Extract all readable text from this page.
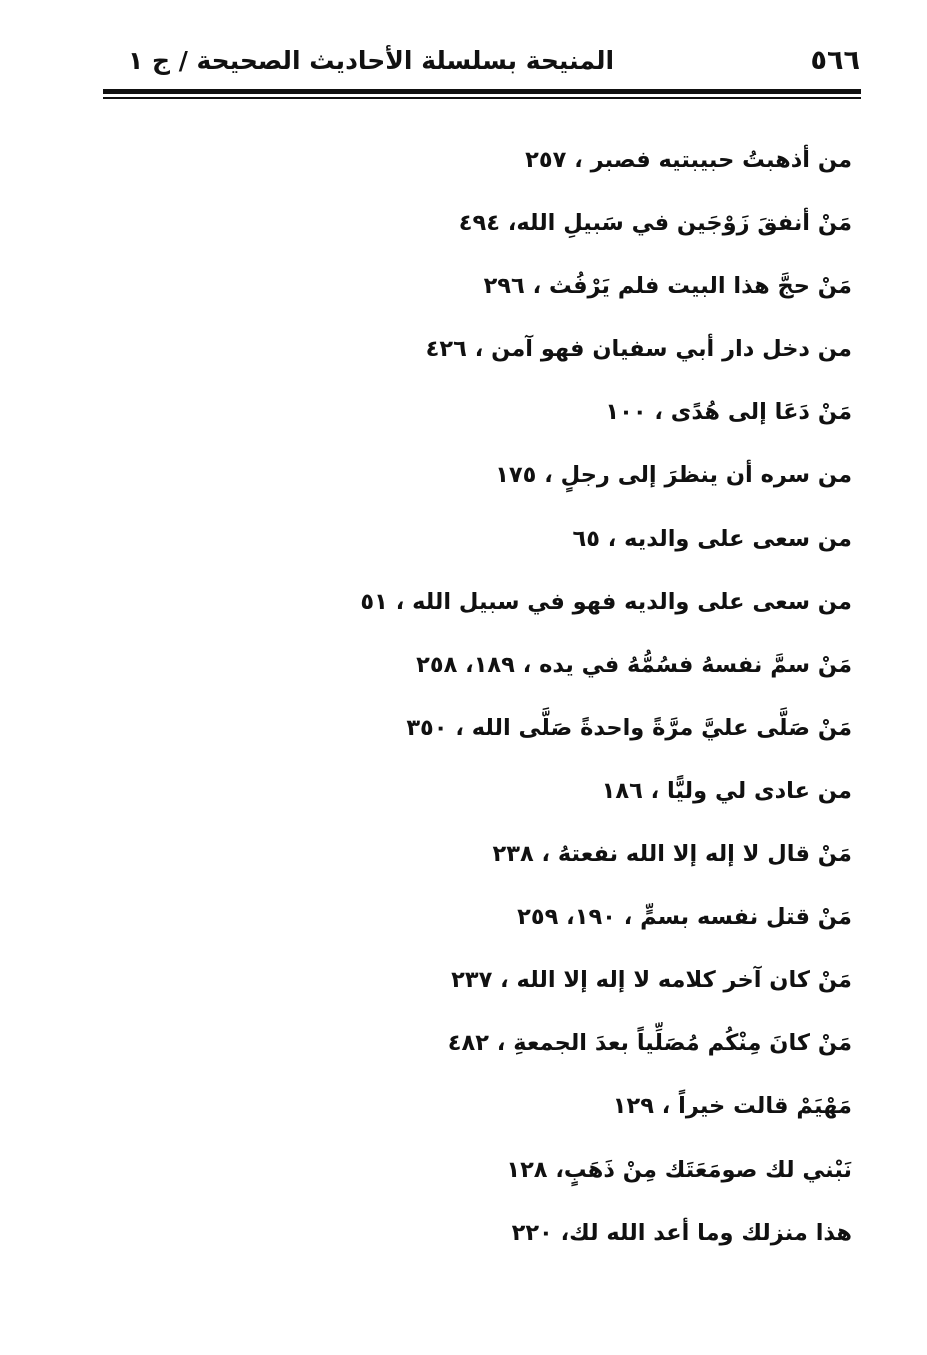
٥٦٦
المنيحة بسلسلة الأحاديث الصحيحة / ج ١
من أذهبتُ حبيبتيه فصبر ، ٢٥٧
مَنْ أنفقَ زَوْجَين في سَبيلِ الله، ٤٩٤
مَنْ حجَّ هذا البيت فلم يَرْفُث ، ٢٩٦
من دخل دار أبي سفيان فهو آمن ، ٤٢٦
مَنْ دَعَا إلى هُدًى ، ١٠٠
من سره أن ينظرَ إلى رجلٍ ، ١٧٥
من سعى على والديه ، ٦٥
من سعى على والديه فهو في سبيل الله ، ٥١
مَنْ سمَّ نفسهُ فسُمُّهُ في يده ، ١٨٩، ٢٥٨
مَنْ صَلَّى عليَّ مرَّةً واحدةً صَلَّى الله ، ٣٥٠
من عادى لي وليًّا ، ١٨٦
مَنْ قال لا إله إلا الله نفعتهُ ، ٢٣٨
مَنْ قتل نفسه بسمٍّ ، ١٩٠، ٢٥٩
مَنْ كان آخر كلامه لا إله إلا الله ، ٢٣٧
مَنْ كانَ مِنْكُم مُصَلِّياً بعدَ الجمعةِ ، ٤٨٢
مَهْيَمْ قالت خيراً ، ١٢٩
نَبْني لك صومَعَتَك مِنْ ذَهَبٍ، ١٢٨
هذا منزلك وما أعد الله لك، ٢٢٠
